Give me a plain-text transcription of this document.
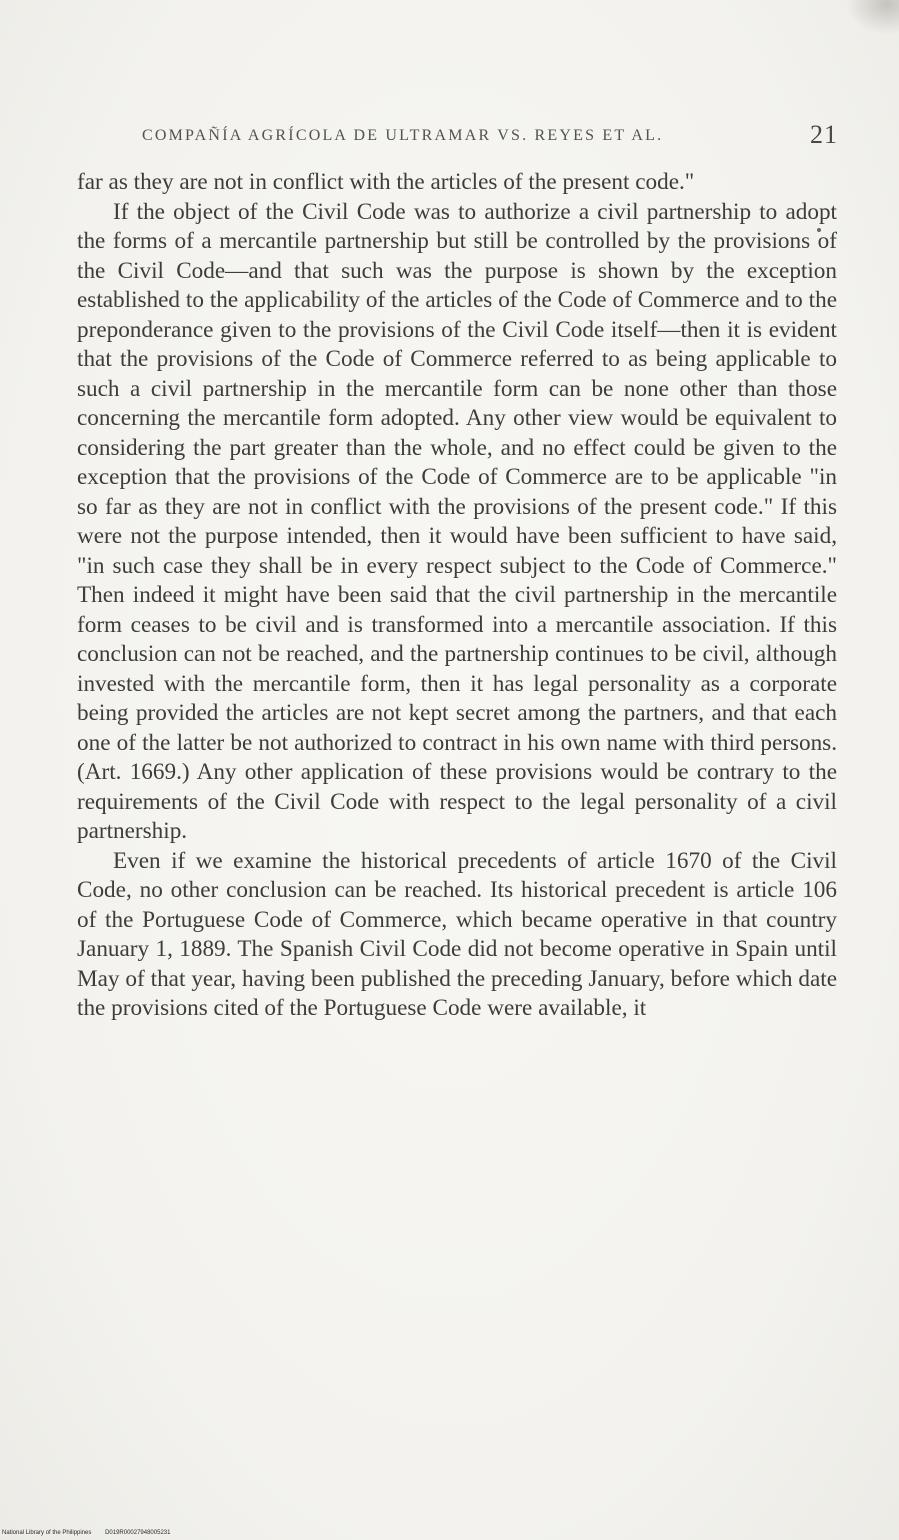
COMPAÑÍA AGRÍCOLA DE ULTRAMAR VS. REYES ET AL.	21

far as they are not in conflict with the articles of the present code."

If the object of the Civil Code was to authorize a civil partnership to adopt the forms of a mercantile partnership but still be controlled by the provisions of the Civil Code—and that such was the purpose is shown by the exception established to the applicability of the articles of the Code of Commerce and to the preponderance given to the provisions of the Civil Code itself—then it is evident that the provisions of the Code of Commerce referred to as being applicable to such a civil partnership in the mercantile form can be none other than those concerning the mercantile form adopted. Any other view would be equivalent to considering the part greater than the whole, and no effect could be given to the exception that the provisions of the Code of Commerce are to be applicable "in so far as they are not in conflict with the provisions of the present code." If this were not the purpose intended, then it would have been sufficient to have said, "in such case they shall be in every respect subject to the Code of Commerce." Then indeed it might have been said that the civil partnership in the mercantile form ceases to be civil and is transformed into a mercantile association. If this conclusion can not be reached, and the partnership continues to be civil, although invested with the mercantile form, then it has legal personality as a corporate being provided the articles are not kept secret among the partners, and that each one of the latter be not authorized to contract in his own name with third persons. (Art. 1669.) Any other application of these provisions would be contrary to the requirements of the Civil Code with respect to the legal personality of a civil partnership.

Even if we examine the historical precedents of article 1670 of the Civil Code, no other conclusion can be reached. Its historical precedent is article 106 of the Portuguese Code of Commerce, which became operative in that country January 1, 1889. The Spanish Civil Code did not become operative in Spain until May of that year, having been published the preceding January, before which date the provisions cited of the Portuguese Code were available, it

National Library of the Philippines D019R00027948005231
